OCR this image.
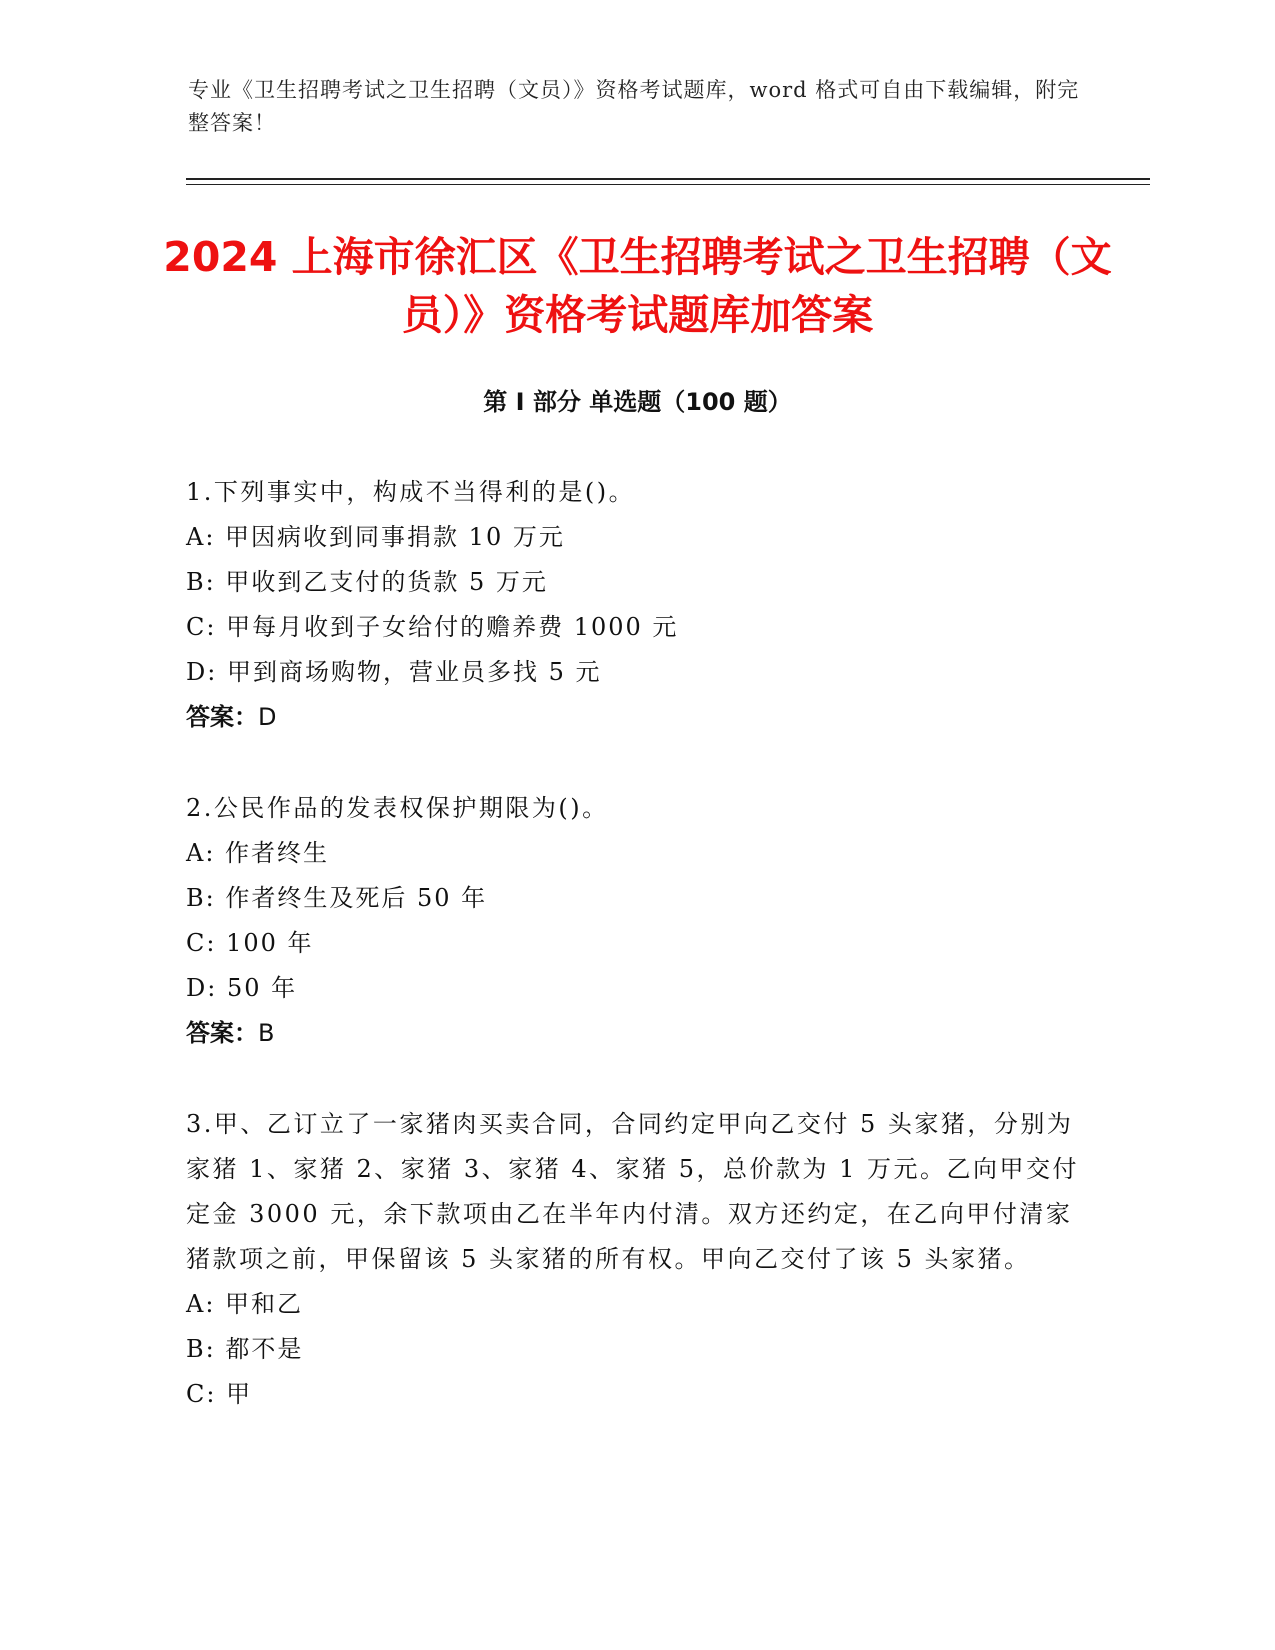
专业《卫生招聘考试之卫生招聘（文员）》资格考试题库，word 格式可自由下载编辑，附完整答案！
2024 上海市徐汇区《卫生招聘考试之卫生招聘（文员）》资格考试题库加答案
第 I 部分 单选题（100 题）
1.下列事实中，构成不当得利的是()。
A: 甲因病收到同事捐款 10 万元
B: 甲收到乙支付的货款 5 万元
C: 甲每月收到子女给付的赡养费 1000 元
D: 甲到商场购物，营业员多找 5 元
答案：D
2.公民作品的发表权保护期限为()。
A: 作者终生
B: 作者终生及死后 50 年
C: 100 年
D: 50 年
答案：B
3.甲、乙订立了一家猪肉买卖合同，合同约定甲向乙交付 5 头家猪，分别为家猪 1、家猪 2、家猪 3、家猪 4、家猪 5，总价款为 1 万元。乙向甲交付定金 3000 元，余下款项由乙在半年内付清。双方还约定，在乙向甲付清家猪款项之前，甲保留该 5 头家猪的所有权。甲向乙交付了该 5 头家猪。
A: 甲和乙
B: 都不是
C: 甲
